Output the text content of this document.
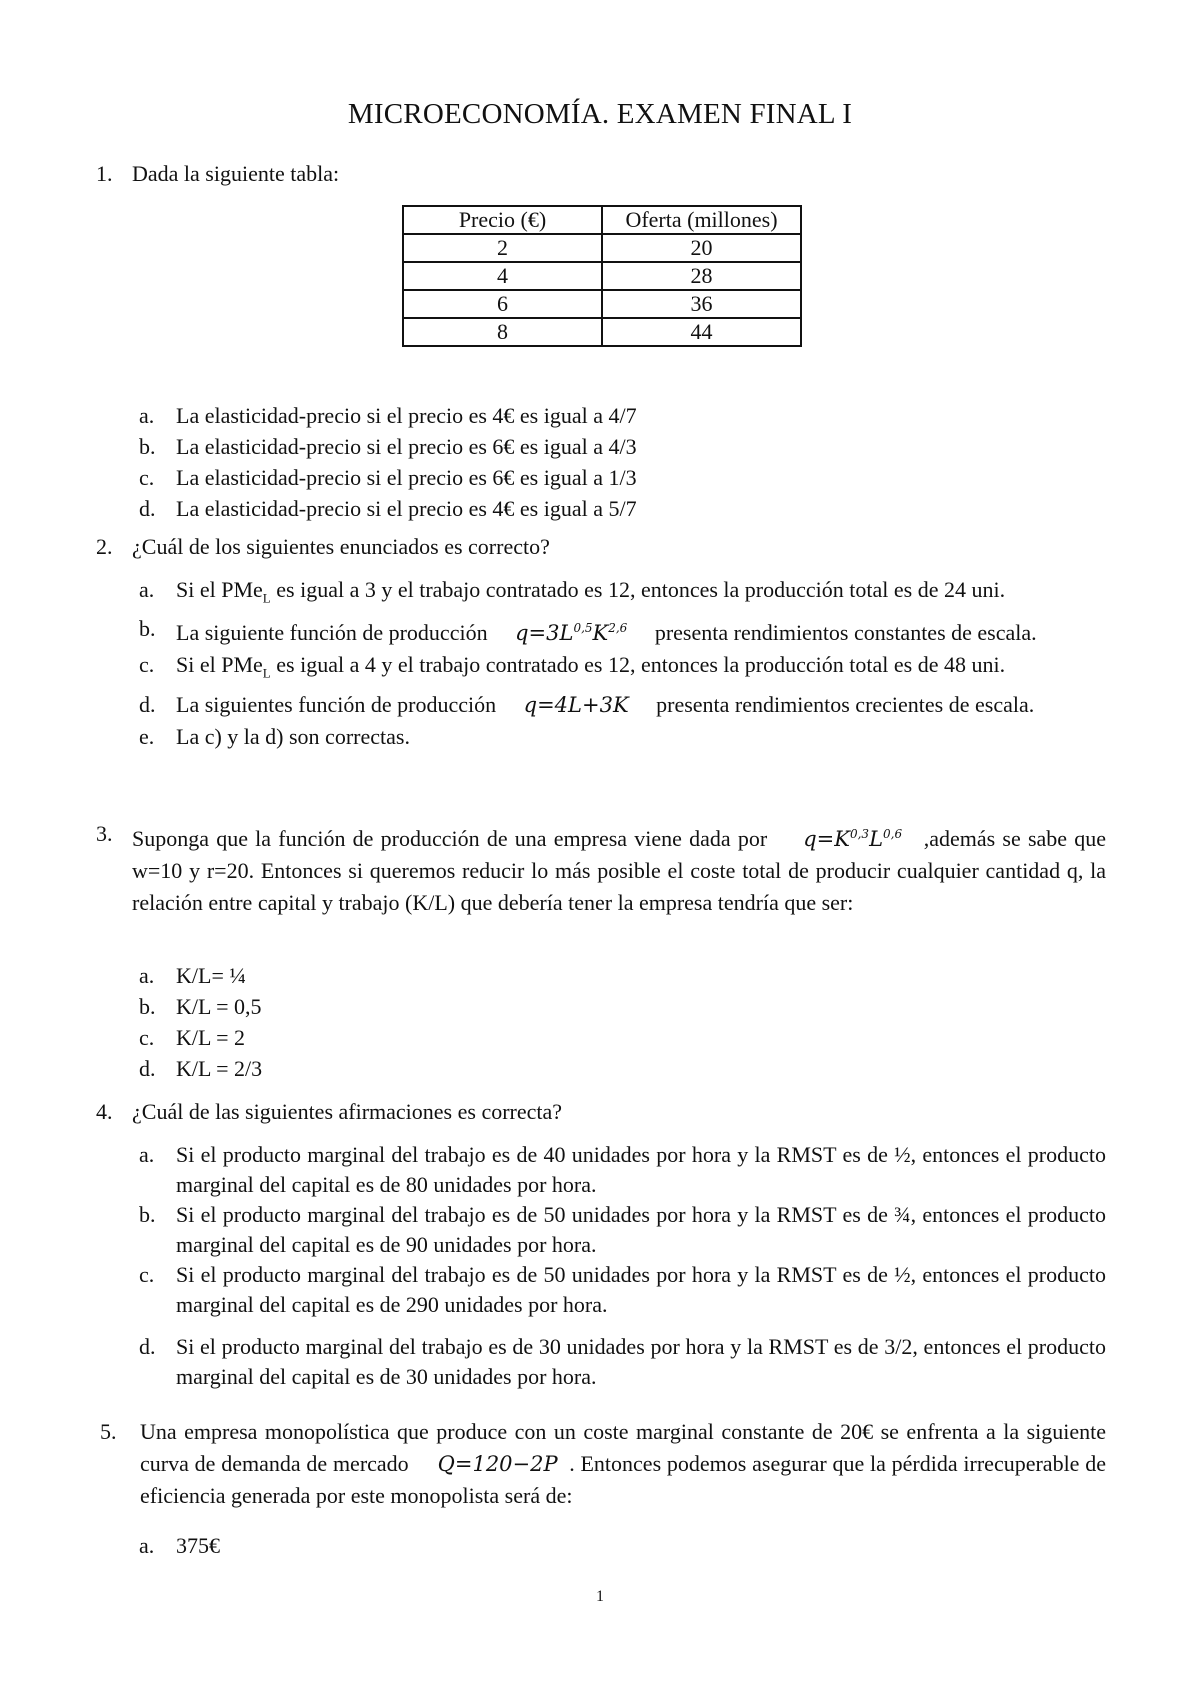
MICROECONOMÍA. EXAMEN FINAL I
1. Dada la siguiente tabla:
Precio (€)	Oferta (millones)
2	20
4	28
6	36
8	44
a. La elasticidad-precio si el precio es 4€ es igual a 4/7
b. La elasticidad-precio si el precio es 6€ es igual a 4/3
c. La elasticidad-precio si el precio es 6€ es igual a 1/3
d. La elasticidad-precio si el precio es 4€ es igual a 5/7
2. ¿Cuál de los siguientes enunciados es correcto?
a. Si el PMe$_L$ es igual a 3 y el trabajo contratado es 12, entonces la producción total es de 24 uni.
b. La siguiente función de producción $q=3L^{0,5}K^{2,6}$ presenta rendimientos constantes de escala.
c. Si el PMe$_L$ es igual a 4 y el trabajo contratado es 12, entonces la producción total es de 48 uni.
d. La siguientes función de producción q=4L+3K presenta rendimientos crecientes de escala.
e. La c) y la d) son correctas.
3. Suponga que la función de producción de una empresa viene dada por $q=K^{0,3}L^{0,6}$ ,además se sabe que w=10 y r=20. Entonces si queremos reducir lo más posible el coste total de producir cualquier cantidad q, la relación entre capital y trabajo (K/L) que debería tener la empresa tendría que ser:
a. K/L= ¼
b. K/L = 0,5
c. K/L = 2
d. K/L = 2/3
4. ¿Cuál de las siguientes afirmaciones es correcta?
a. Si el producto marginal del trabajo es de 40 unidades por hora y la RMST es de ½, entonces el producto marginal del capital es de 80 unidades por hora.
b. Si el producto marginal del trabajo es de 50 unidades por hora y la RMST es de ¾, entonces el producto marginal del capital es de 90 unidades por hora.
c. Si el producto marginal del trabajo es de 50 unidades por hora y la RMST es de ½, entonces el producto marginal del capital es de 290 unidades por hora.
d. Si el producto marginal del trabajo es de 30 unidades por hora y la RMST es de 3/2, entonces el producto marginal del capital es de 30 unidades por hora.
5. Una empresa monopolística que produce con un coste marginal constante de 20€ se enfrenta a la siguiente curva de demanda de mercado Q=120−2P . Entonces podemos asegurar que la pérdida irrecuperable de eficiencia generada por este monopolista será de:
a. 375€
1
